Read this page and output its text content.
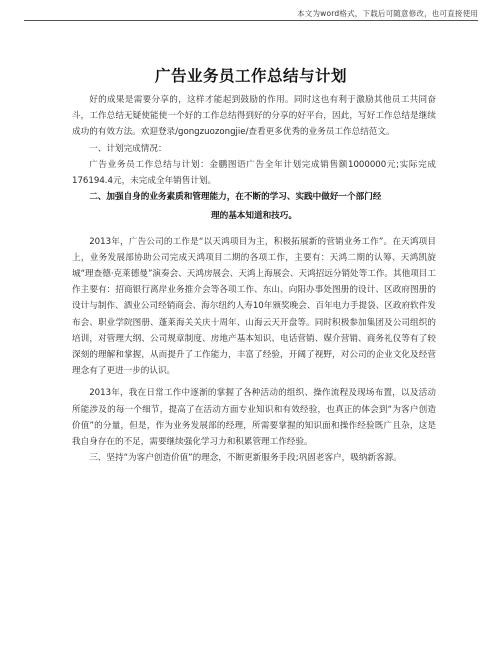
本文为word格式，下载后可随意修改，也可直接使用
广告业务员工作总结与计划

好的成果是需要分享的，这样才能起到鼓励的作用。同时这也有利于激励其他员工共同奋斗，工作总结无疑使能使一个好的工作总结得到好的分享的好平台，因此，写好工作总结是继续成功的有效方法。欢迎登录/gongzuozongjie/查看更多优秀的业务员工作总结范文。

一、计划完成情况：

广告业务员工作总结与计划：金鹏图语广告全年计划完成销售额1000000元;实际完成176194.4元，未完成全年销售计划。

二、加强自身的业务素质和管理能力，在不断的学习、实践中做好一个部门经

理的基本知道和技巧。

2013年，广告公司的工作是“以天鸿项目为主，积极拓展新的营销业务工作”。在天鸿项目上，业务发展部协助公司完成天鸿项目二期的各项工作，主要有：天鸿二期的认筹、天鸿凯旋城“理查德·克莱德曼”演奏会、天鸿房展会、天鸿上海展会、天鸿招远分销处等工作。其他项目工作主要有：招商银行离岸业务推介会等各项工作、东山、向阳办事处图册的设计、区政府图册的设计与制作、酒业公司经销商会、海尔纽约人寿10年颁奖晚会、百年电力手提袋、区政府软件发布会、职业学院图册、蓬莱海关关庆十周年、山海云天开盘等。同时积极参加集团及公司组织的培训，对管理大纲、公司规章制度、房地产基本知识、电话营销、媒介营销、商务礼仪等有了较深刻的理解和掌握，从而提升了工作能力，丰富了经验，开阔了视野，对公司的企业文化及经营理念有了更进一步的认识。

2013年，我在日常工作中逐渐的掌握了各种活动的组织、操作流程及现场布置，以及活动所能涉及的每一个细节，提高了在活动方面专业知识和有效经验，也真正的体会到“为客户创造价值”的分量，但是，作为业务发展部的经理，所需要掌握的知识面和操作经验既广且杂，这是我自身存在的不足，需要继续强化学习力和积累管理工作经验。

三、坚持“为客户创造价值”的理念，不断更新服务手段;巩固老客户，吸纳新客源。
